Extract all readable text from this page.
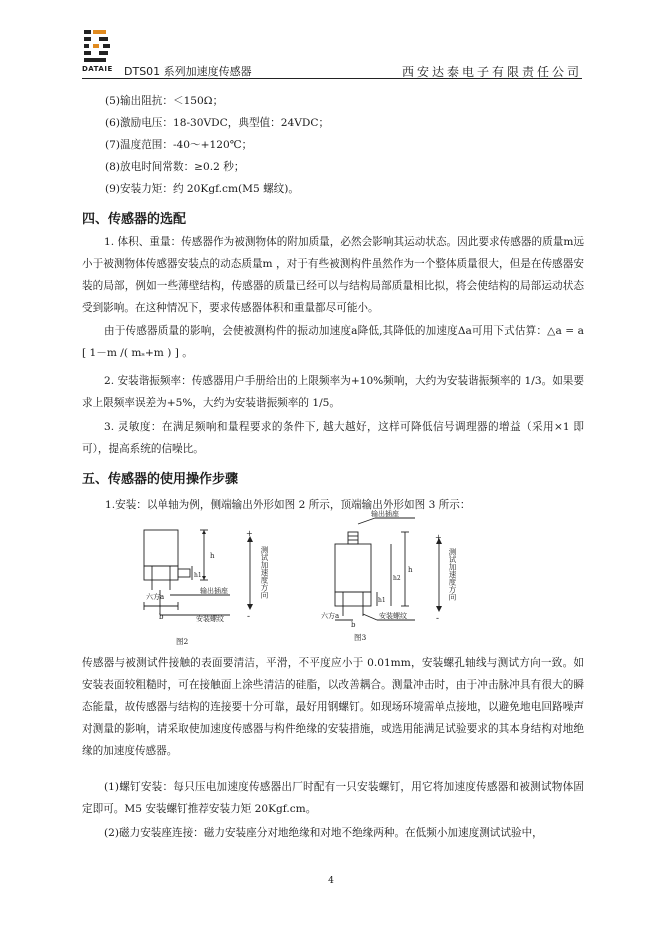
DATAIE DTS01 系列加速度传感器	西安达泰电子有限责任公司
(5)输出阻抗：＜150Ω；
(6)激励电压：18-30VDC，典型值：24VDC；
(7)温度范围：-40～+120℃；
(8)放电时间常数：≥0.2 秒；
(9)安装力矩：约 20Kgf.cm(M5 螺纹)。
四、传感器的选配
1. 体积、重量：传感器作为被测物体的附加质量，必然会影响其运动状态。因此要求传感器的质量m远小于被测物体传感器安装点的动态质量m ，对于有些被测构件虽然作为一个整体质量很大，但是在传感器安装的局部，例如一些薄壁结构，传感器的质量已经可以与结构局部质量相比拟，将会使结构的局部运动状态受到影响。在这种情况下，要求传感器体积和重量都尽可能小。
由于传感器质量的影响，会使被测构件的振动加速度a降低,其降低的加速度Δa可用下式估算：△a = a [ 1－m /( mₛ+m ) ] 。
2. 安装谐振频率：传感器用户手册给出的上限频率为+10%频响，大约为安装谐振频率的 1/3。如果要求上限频率误差为+5%，大约为安装谐振频率的 1/5。
3. 灵敏度：在满足频响和量程要求的条件下, 越大越好，这样可降低信号调理器的增益（采用×1 即可），提高系统的信噪比。
五、传感器的使用操作步骤
1.安装：以单轴为例，侧端输出外形如图 2 所示，顶端输出外形如图 3 所示：
+
-
h
h1
b
六方a
输出插座
安装螺纹
测试加速度方向
图2
+
-
h
h2
h1
b
六方a
输出插座
安装螺纹
测试加速度方向
图3
传感器与被测试件接触的表面要清洁，平滑，不平度应小于 0.01mm，安装螺孔轴线与测试方向一致。如安装表面较粗糙时，可在接触面上涂些清洁的硅脂，以改善耦合。测量冲击时，由于冲击脉冲具有很大的瞬态能量，故传感器与结构的连接要十分可靠，最好用钢螺钉。如现场环境需单点接地，以避免地电回路噪声对测量的影响，请采取使加速度传感器与构件绝缘的安装措施，或选用能满足试验要求的其本身结构对地绝缘的加速度传感器。
(1)螺钉安装：每只压电加速度传感器出厂时配有一只安装螺钉，用它将加速度传感器和被测试物体固定即可。M5 安装螺钉推荐安装力矩 20Kgf.cm。
(2)磁力安装座连接：磁力安装座分对地绝缘和对地不绝缘两种。在低频小加速度测试试验中，
4
